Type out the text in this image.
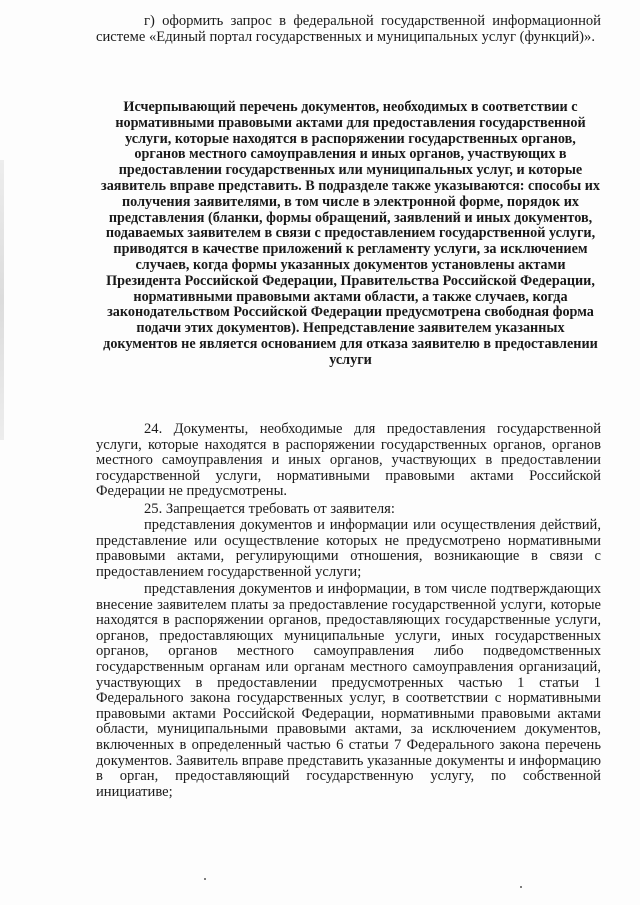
г) оформить запрос в федеральной государственной информационной системе «Единый портал государственных и муниципальных услуг (функций)».

Исчерпывающий перечень документов, необходимых в соответствии с нормативными правовыми актами для предоставления государственной услуги, которые находятся в распоряжении государственных органов, органов местного самоуправления и иных органов, участвующих в предоставлении государственных или муниципальных услуг, и которые заявитель вправе представить. В подразделе также указываются: способы их получения заявителями, в том числе в электронной форме, порядок их представления (бланки, формы обращений, заявлений и иных документов, подаваемых заявителем в связи с предоставлением государственной услуги, приводятся в качестве приложений к регламенту услуги, за исключением случаев, когда формы указанных документов установлены актами Президента Российской Федерации, Правительства Российской Федерации, нормативными правовыми актами области, а также случаев, когда законодательством Российской Федерации предусмотрена свободная форма подачи этих документов). Непредставление заявителем указанных документов не является основанием для отказа заявителю в предоставлении услуги

24. Документы, необходимые для предоставления государственной услуги, которые находятся в распоряжении государственных органов, органов местного самоуправления и иных органов, участвующих в предоставлении государственной услуги, нормативными правовыми актами Российской Федерации не предусмотрены.

25. Запрещается требовать от заявителя:

представления документов и информации или осуществления действий, представление или осуществление которых не предусмотрено нормативными правовыми актами, регулирующими отношения, возникающие в связи с предоставлением государственной услуги;

представления документов и информации, в том числе подтверждающих внесение заявителем платы за предоставление государственной услуги, которые находятся в распоряжении органов, предоставляющих государственные услуги, органов, предоставляющих муниципальные услуги, иных государственных органов, органов местного самоуправления либо подведомственных государственным органам или органам местного самоуправления организаций, участвующих в предоставлении предусмотренных частью 1 статьи 1 Федерального закона государственных услуг, в соответствии с нормативными правовыми актами Российской Федерации, нормативными правовыми актами области, муниципальными правовыми актами, за исключением документов, включенных в определенный частью 6 статьи 7 Федерального закона перечень документов. Заявитель вправе представить указанные документы и информацию в орган, предоставляющий государственную услугу, по собственной инициативе;
